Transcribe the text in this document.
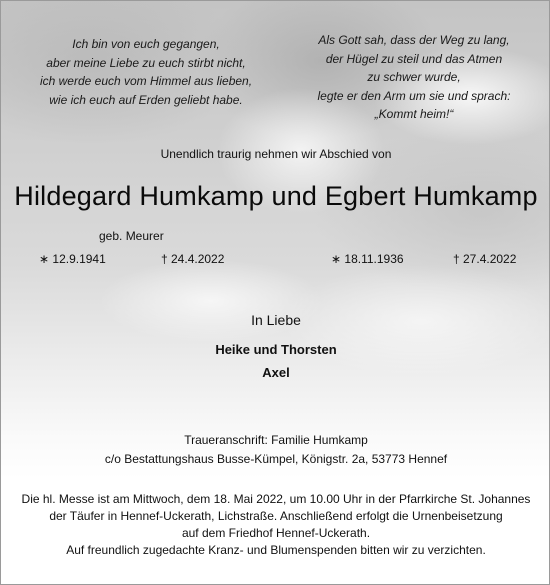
Ich bin von euch gegangen,
aber meine Liebe zu euch stirbt nicht,
ich werde euch vom Himmel aus lieben,
wie ich euch auf Erden geliebt habe.
Als Gott sah, dass der Weg zu lang,
der Hügel zu steil und das Atmen
zu schwer wurde,
legte er den Arm um sie und sprach:
„Kommt heim!“
Unendlich traurig nehmen wir Abschied von
Hildegard Humkamp und Egbert Humkamp
geb. Meurer
∗ 12.9.1941	† 24.4.2022	∗ 18.11.1936	† 27.4.2022
In Liebe
Heike und Thorsten
Axel
Traueranschrift: Familie Humkamp
c/o Bestattungshaus Busse-Kümpel, Königstr. 2a, 53773 Hennef
Die hl. Messe ist am Mittwoch, dem 18. Mai 2022, um 10.00 Uhr in der Pfarrkirche St. Johannes
der Täufer in Hennef-Uckerath, Lichstraße. Anschließend erfolgt die Urnenbeisetzung
auf dem Friedhof Hennef-Uckerath.
Auf freundlich zugedachte Kranz- und Blumenspenden bitten wir zu verzichten.
